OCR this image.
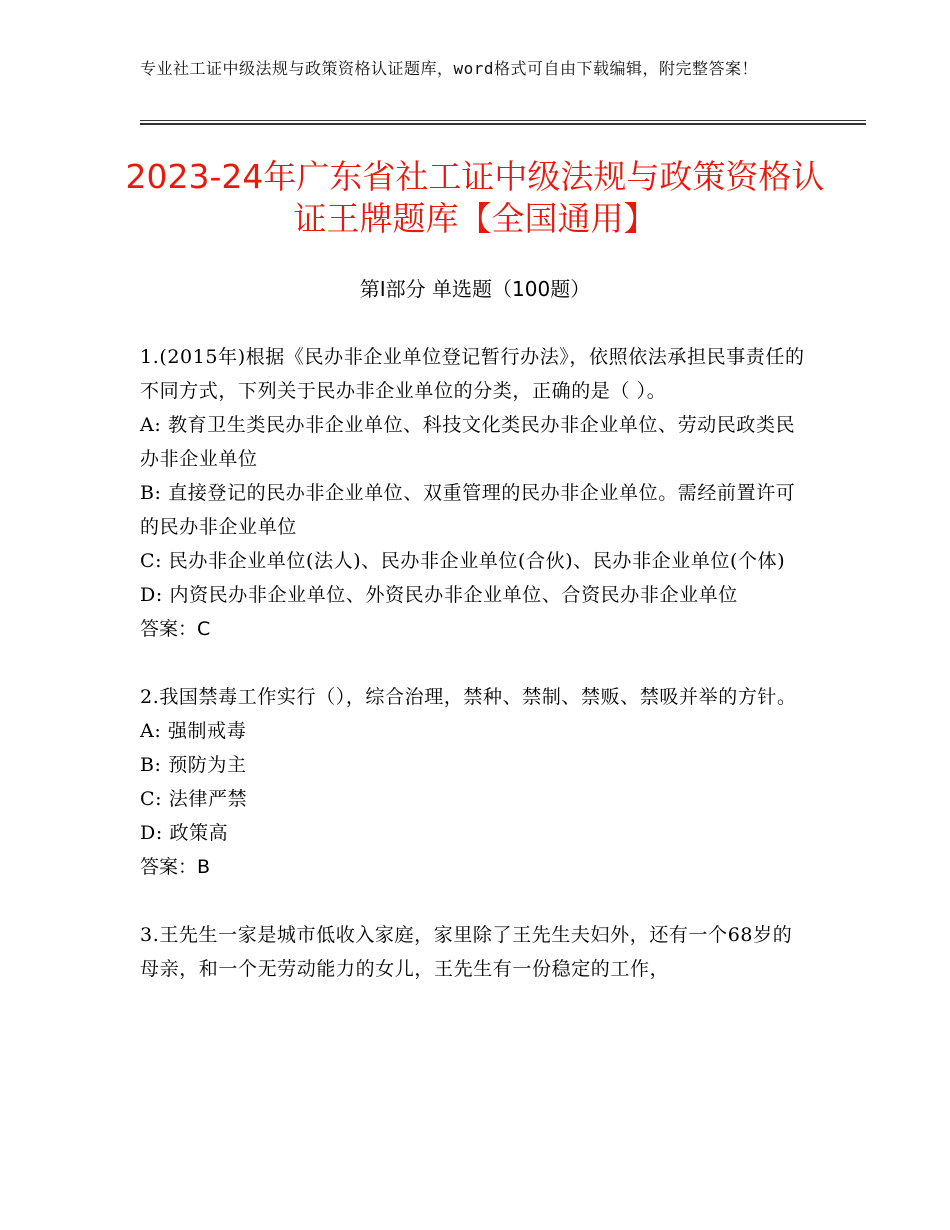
专业社工证中级法规与政策资格认证题库，word格式可自由下载编辑，附完整答案！
2023-24年广东省社工证中级法规与政策资格认证王牌题库【全国通用】
第Ⅰ部分 单选题（100题）
1.(2015年)根据《民办非企业单位登记暂行办法》，依照依法承担民事责任的不同方式，下列关于民办非企业单位的分类，正确的是（ ）。
A: 教育卫生类民办非企业单位、科技文化类民办非企业单位、劳动民政类民办非企业单位
B: 直接登记的民办非企业单位、双重管理的民办非企业单位。需经前置许可的民办非企业单位
C: 民办非企业单位(法人)、民办非企业单位(合伙)、民办非企业单位(个体)
D: 内资民办非企业单位、外资民办非企业单位、合资民办非企业单位
答案：C
2.我国禁毒工作实行（），综合治理，禁种、禁制、禁贩、禁吸并举的方针。
A: 强制戒毒
B: 预防为主
C: 法律严禁
D: 政策高
答案：B
3.王先生一家是城市低收入家庭，家里除了王先生夫妇外，还有一个68岁的母亲，和一个无劳动能力的女儿，王先生有一份稳定的工作，
